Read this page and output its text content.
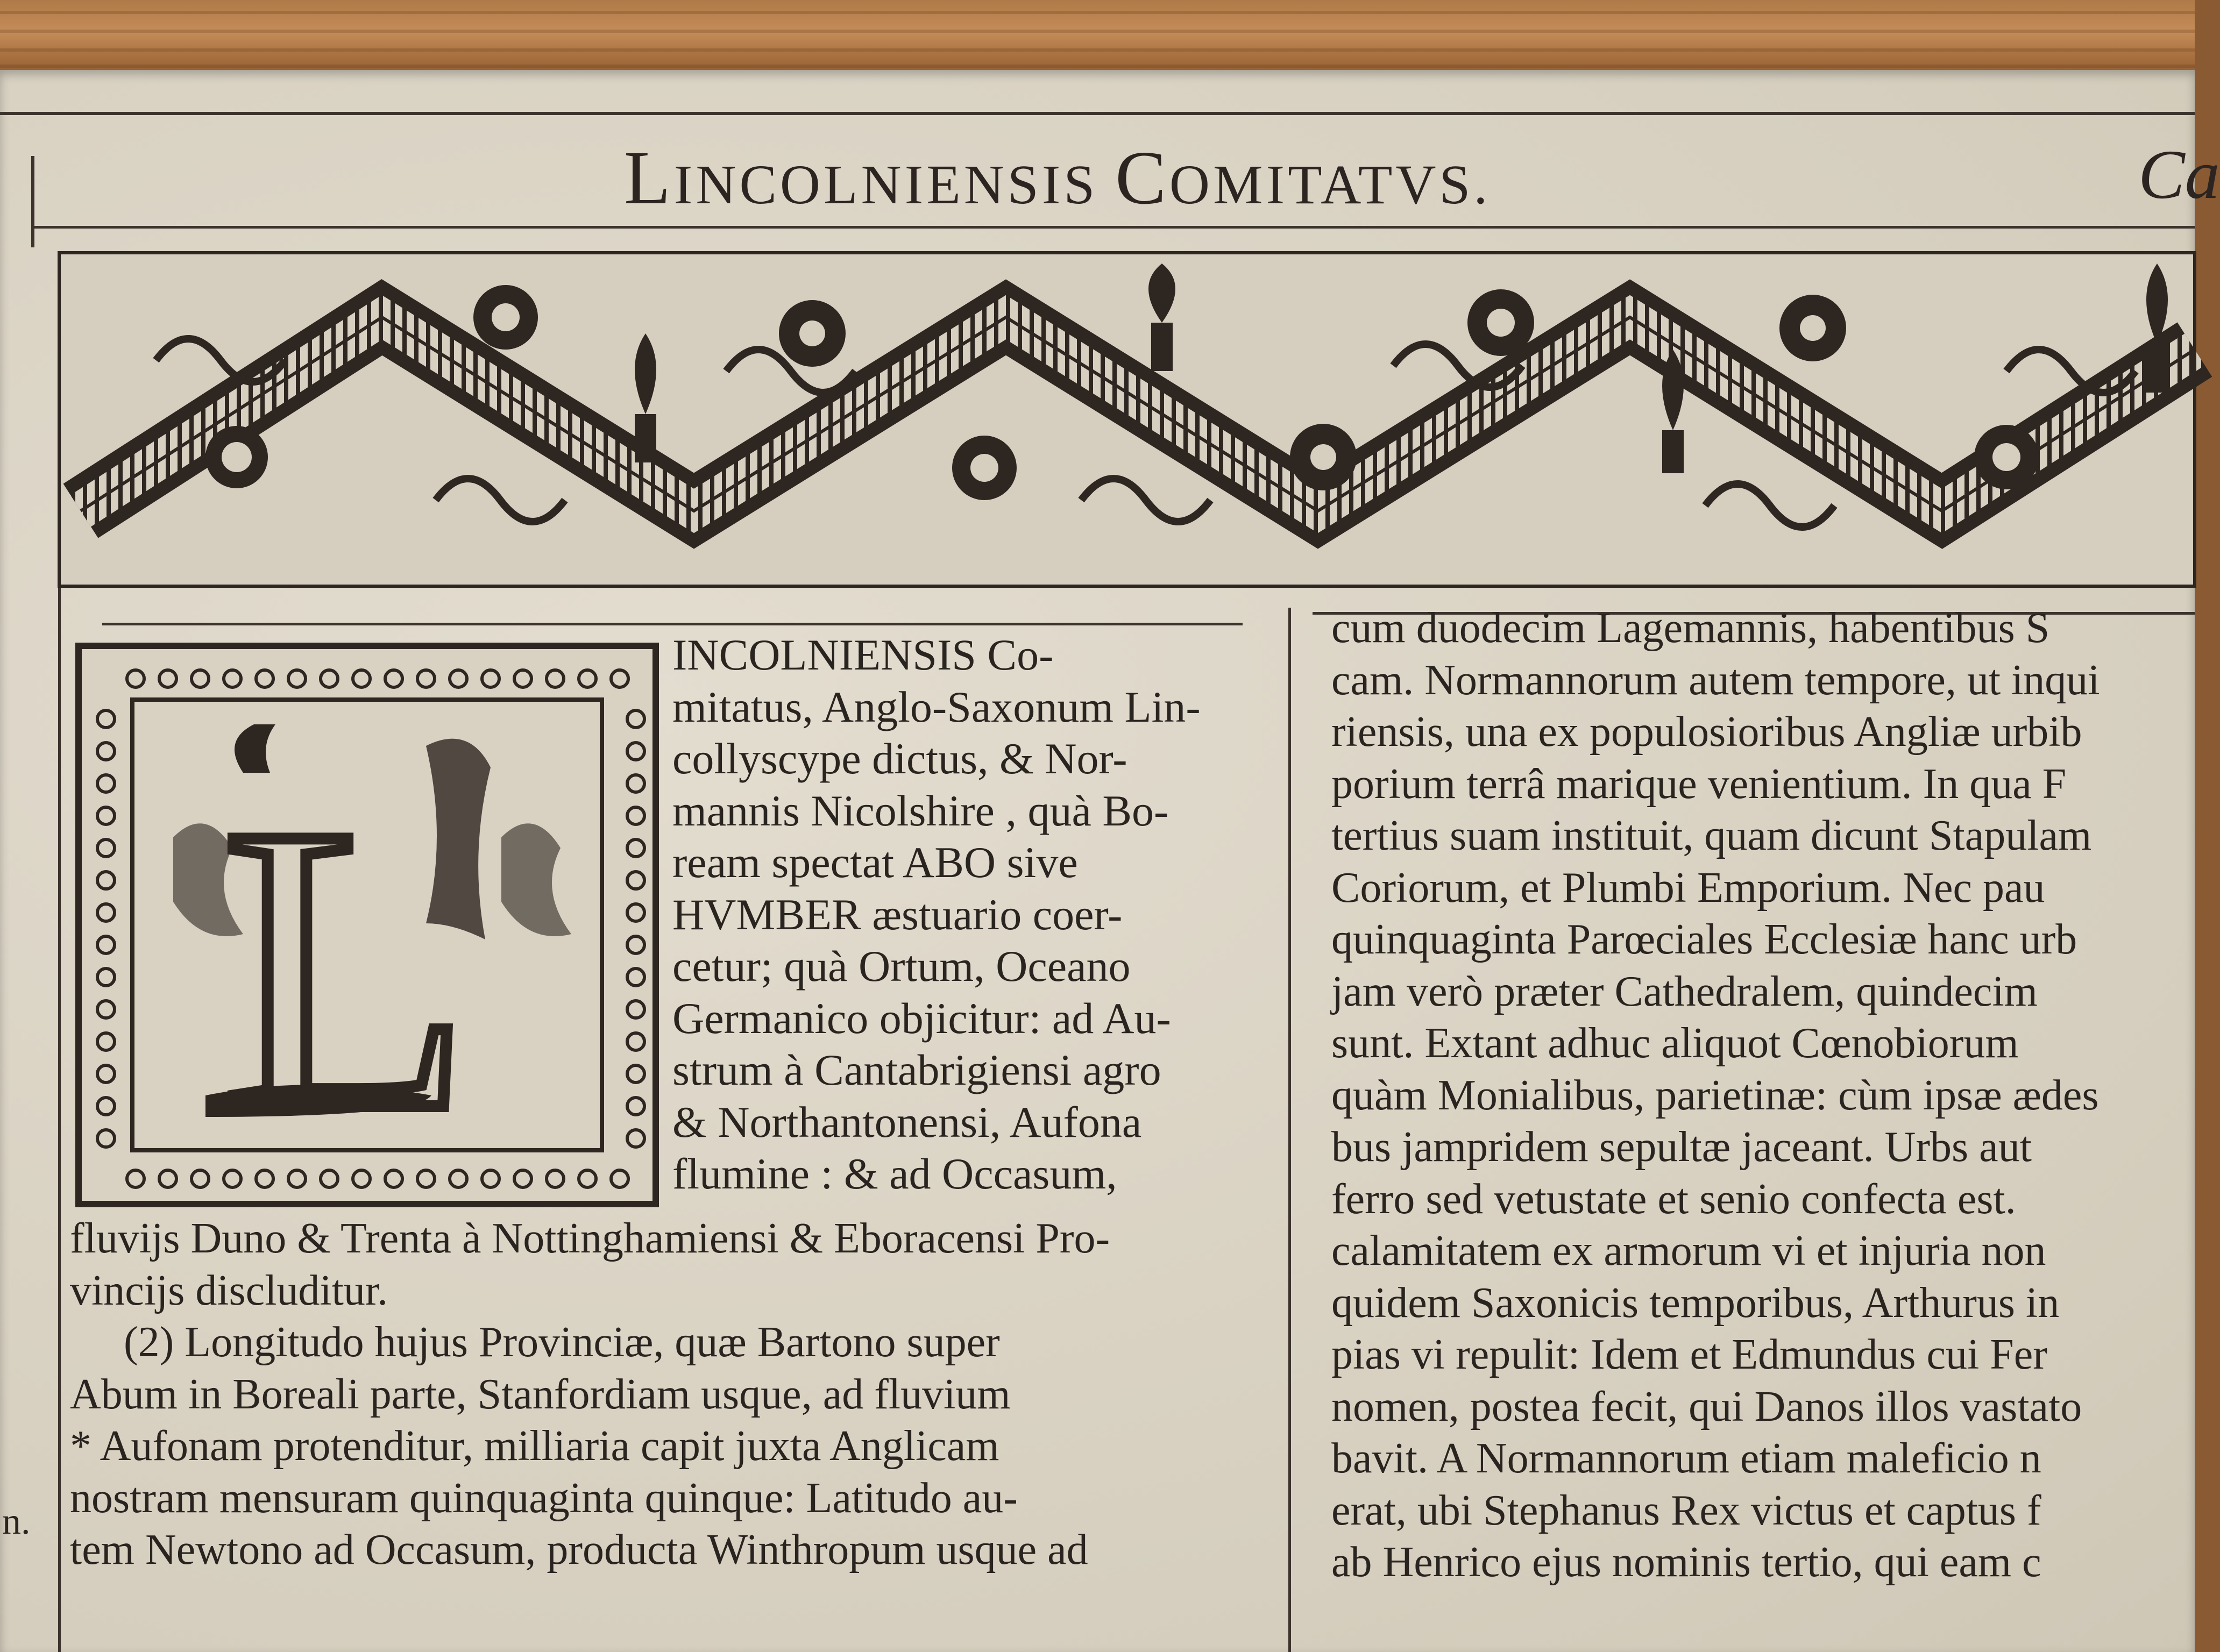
LINCOLNIENSIS COMITATVS.	Ca
L
INCOLNIENSIS Co-
mitatus, Anglo-Saxonum Lin-
collyscype dictus, & Nor-
mannis Nicolshire , quà Bo-
ream spectat ABO sive
HVMBER æstuario coer-
cetur; quà Ortum, Oceano
Germanico objicitur: ad Au-
strum à Cantabrigiensi agro
& Northantonensi, Aufona
flumine : & ad Occasum,
fluvijs Duno & Trenta à Nottinghamiensi & Eboracensi Pro-
vincijs discluditur.
(2) Longitudo hujus Provinciæ, quæ Bartono super
Abum in Boreali parte, Stanfordiam usque, ad fluvium
* Aufonam protenditur, milliaria capit juxta Anglicam
nostram mensuram quinquaginta quinque: Latitudo au-
tem Newtono ad Occasum, producta Winthropum usque ad
n.
cum duodecim Lagemannis, habentibus S
cam. Normannorum autem tempore, ut inqui
riensis, una ex populosioribus Angliæ urbib
porium terrâ marique venientium. In qua F
tertius suam instituit, quam dicunt Stapulam
Coriorum, et Plumbi Emporium. Nec pau
quinquaginta Parœciales Ecclesiæ hanc urb
jam verò præter Cathedralem, quindecim
sunt. Extant adhuc aliquot Cœnobiorum
quàm Monialibus, parietinæ: cùm ipsæ ædes
bus jampridem sepultæ jaceant. Urbs aut
ferro sed vetustate et senio confecta est.
calamitatem ex armorum vi et injuria non
quidem Saxonicis temporibus, Arthurus in
pias vi repulit: Idem et Edmundus cui Fer
nomen, postea fecit, qui Danos illos vastato
bavit. A Normannorum etiam maleficio n
erat, ubi Stephanus Rex victus et captus f
ab Henrico ejus nominis tertio, qui eam c
